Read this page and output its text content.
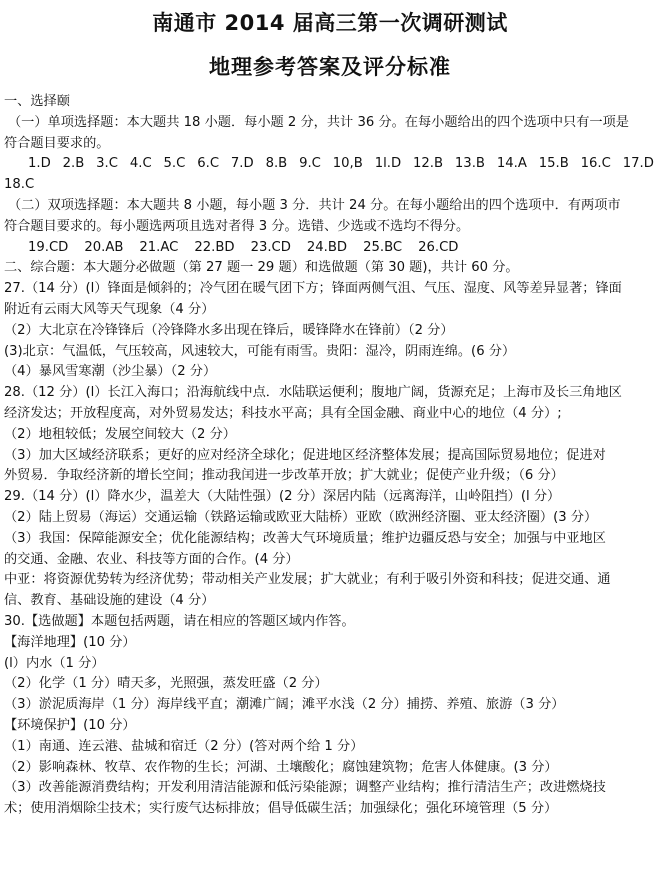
南通市 2014 届高三第一次调研测试
地理参考答案及评分标准
一、选择颐
（一）单项选择题：本大题共 18 小题．每小题 2 分，共计 36 分。在每小题给出的四个选项中只有一项是
符合题目要求的。
1.D 2.B 3.C 4.C 5.C 6.C 7.D 8.B 9.C 10,B 1l.D 12.B 13.B 14.A 15.B 16.C 17.D
18.C
（二）双项选择题：本大题共 8 小题，每小题 3 分．共计 24 分。在每小题给出的四个选项中．有两项市
符合题目要求的。每小题选两项且选对者得 3 分。选错、少选或不选均不得分。
19.CD 20.AB 21.AC 22.BD 23.CD 24.BD 25.BC 26.CD
二、综合题：本大题分必做题（第 27 题一 29 题）和选做题（第 30 题)，共计 60 分。
27.（14 分）(l）锋面是倾斜的；冷气团在暖气团下方；锋面两侧气沮、气压、湿度、风等差异显著；锋面
附近有云雨大风等天气现象（4 分）
（2）大北京在冷锋锋后（冷锋降水多出现在锋后，暖锋降水在锋前）（2 分）
(3)北京：气温低，气压较高，风速较大，可能有雨雪。贵阳：湿冷，阴雨连绵。(6 分）
（4）暴风雪寒潮（沙尘暴）（2 分）
28.（12 分）(l）长江入海口；沿海航线中点．水陆联运便利；腹地广阔，货源充足；上海市及长三角地区
经济发达；开放程度高，对外贸易发达；科技水平高；具有全国金融、商业中心的地位（4 分）;
（2）地租较低；发展空间较大（2 分）
（3）加大区域经济联系；更好的应对经济全球化；促进地区经济整体发展；提高国际贸易地位；促进对
外贸易．争取经济新的增长空间；推动我闰进一步改革开放；扩大就业；促使产业升级；（6 分）
29.（14 分）(l）降水少，温差大（大陆性强）(2 分）深居内陆（远离海洋，山岭阻挡）(l 分）
（2）陆上贸易（海运）交通运输（铁路运输或欧亚大陆桥）亚欧（欧洲经济圈、亚太经济圈）(3 分）
（3）我国：保障能源安全；优化能源结构；改善大气环境质量；维护边疆反恐与安全；加强与中亚地区
的交通、金融、农业、科技等方面的合作。(4 分）
中亚：将资源优势转为经济优势；带动相关产业发展；扩大就业；有利于吸引外资和科技；促进交通、通
信、教育、基础设施的建设（4 分）
30.【选做题】本题包括两题，请在相应的答题区域内作答。
【海洋地理】(10 分）
(l）内水（1 分）
（2）化学（1 分）晴天多，光照强，蒸发旺盛（2 分）
（3）淤泥质海岸（1 分）海岸线平直；潮滩广阔；滩平水浅（2 分）捕捞、养殖、旅游（3 分）
【环境保护】(10 分）
（1）南通、连云港、盐城和宿迁（2 分）(答对两个给 1 分）
（2）影响森林、牧草、农作物的生长；河湖、土壤酸化；腐蚀建筑物；危害人体健康。(3 分）
（3）改善能源消费结构；开发利用清洁能源和低污染能源；调整产业结构；推行清洁生产；改进燃烧技
术；使用消烟除尘技术；实行废气达标排放；倡导低碳生活；加强绿化；强化环境管理（5 分）
